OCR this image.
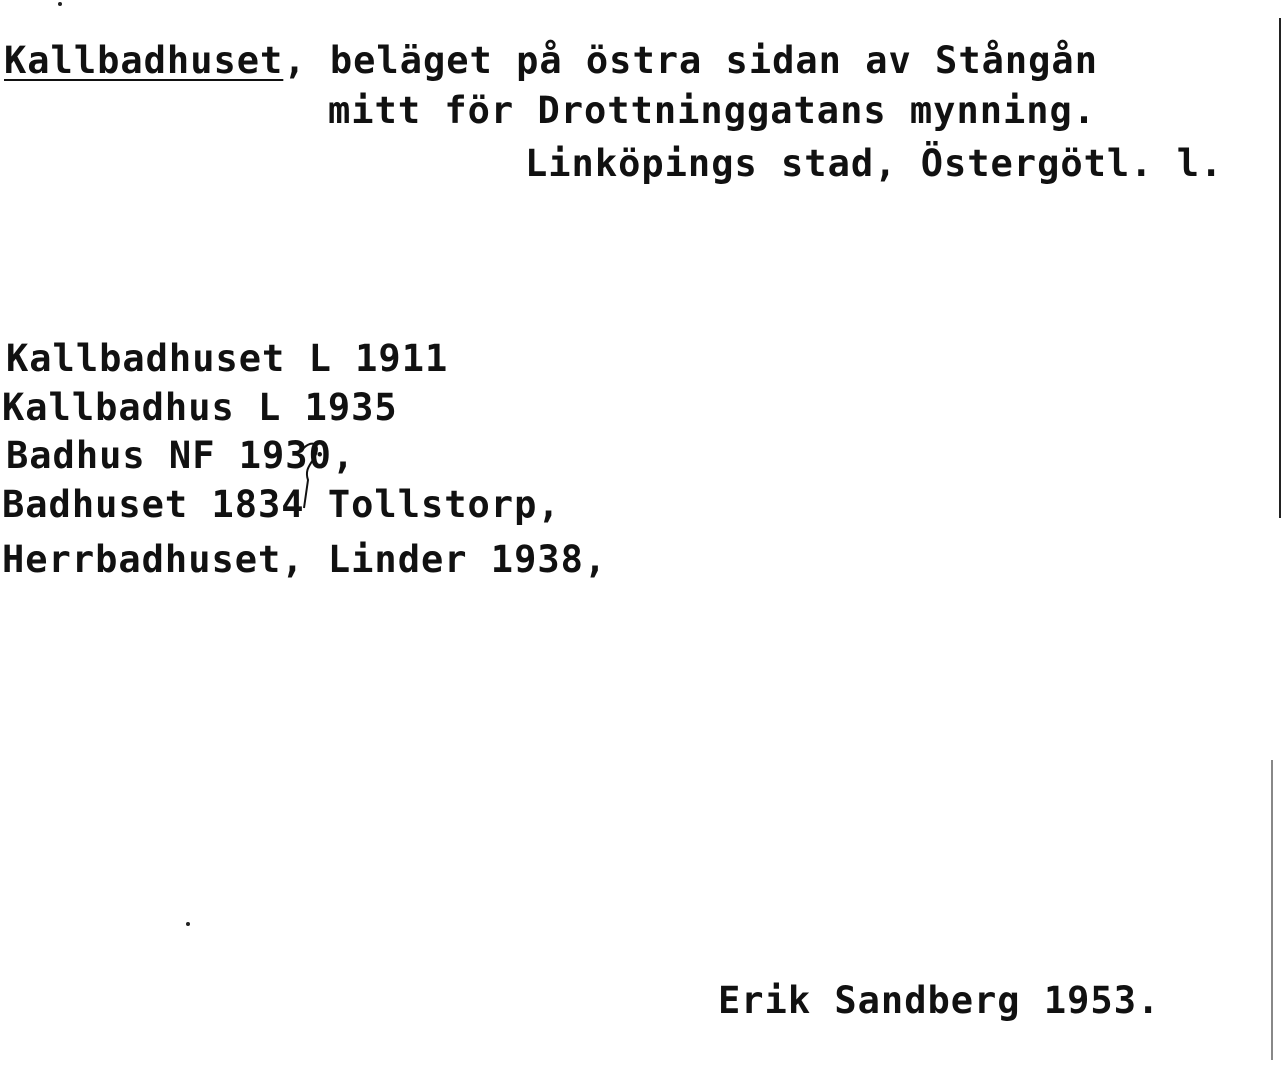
Kallbadhuset, beläget på östra sidan av Stångån
mitt för Drottninggatans mynning.
Linköpings stad, Östergötl. l.
Kallbadhuset L 1911
Kallbadhus L 1935
Badhus NF 1930,
Badhuset 1834 Tollstorp,
Herrbadhuset, Linder 1938,
Erik Sandberg 1953.
